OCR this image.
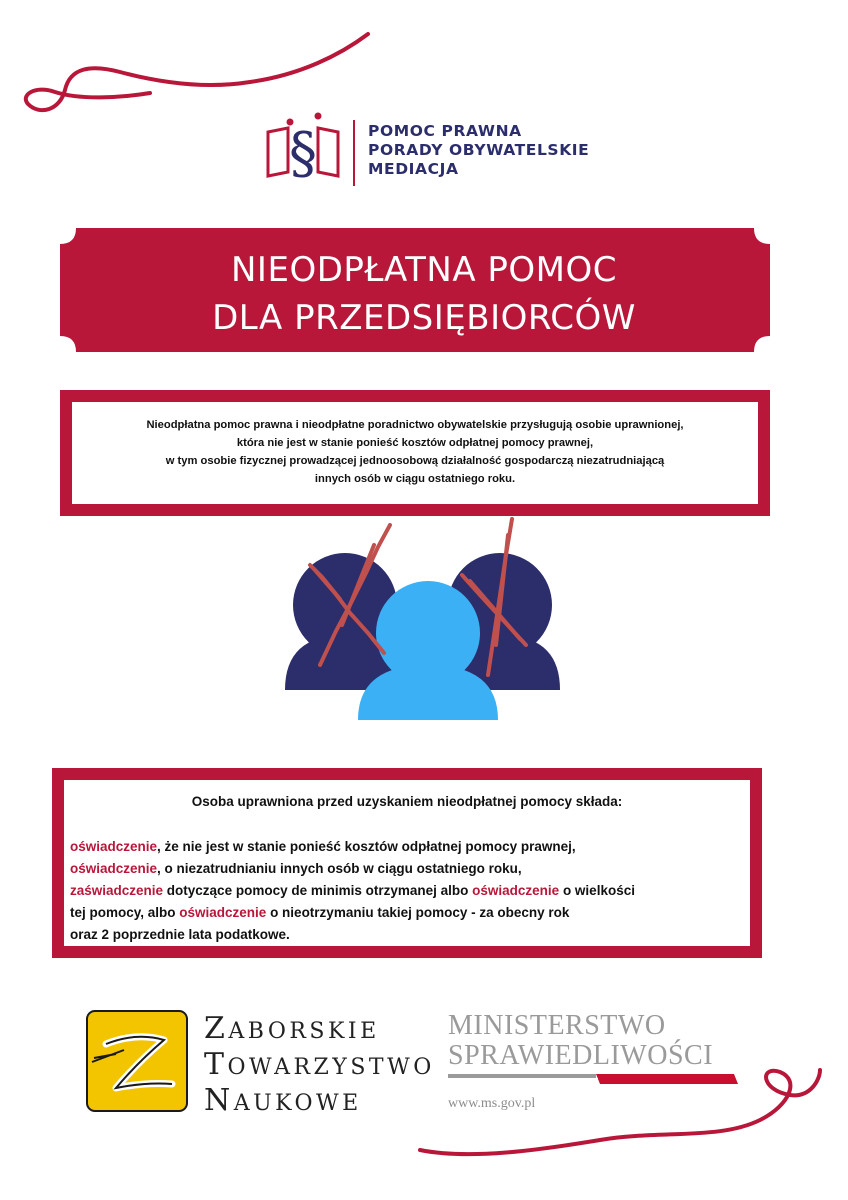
§	POMOC PRAWNA
PORADY OBYWATELSKIE
MEDIACJA
NIEODPŁATNA POMOC
DLA PRZEDSIĘBIORCÓW
Nieodpłatna pomoc prawna i nieodpłatne poradnictwo obywatelskie przysługują osobie uprawnionej,
która nie jest w stanie ponieść kosztów odpłatnej pomocy prawnej,
w tym osobie fizycznej prowadzącej jednoosobową działalność gospodarczą niezatrudniającą
innych osób w ciągu ostatniego roku.
Osoba uprawniona przed uzyskaniem nieodpłatnej pomocy składa:
oświadczenie, że nie jest w stanie ponieść kosztów odpłatnej pomocy prawnej,
oświadczenie, o niezatrudnianiu innych osób w ciągu ostatniego roku,
zaświadczenie dotyczące pomocy de minimis otrzymanej albo oświadczenie o wielkości
tej pomocy, albo oświadczenie o nieotrzymaniu takiej pomocy - za obecny rok
oraz 2 poprzednie lata podatkowe.
ZABORSKIE
TOWARZYSTWO
NAUKOWE
MINISTERSTWO
SPRAWIEDLIWOŚCI
www.ms.gov.pl
